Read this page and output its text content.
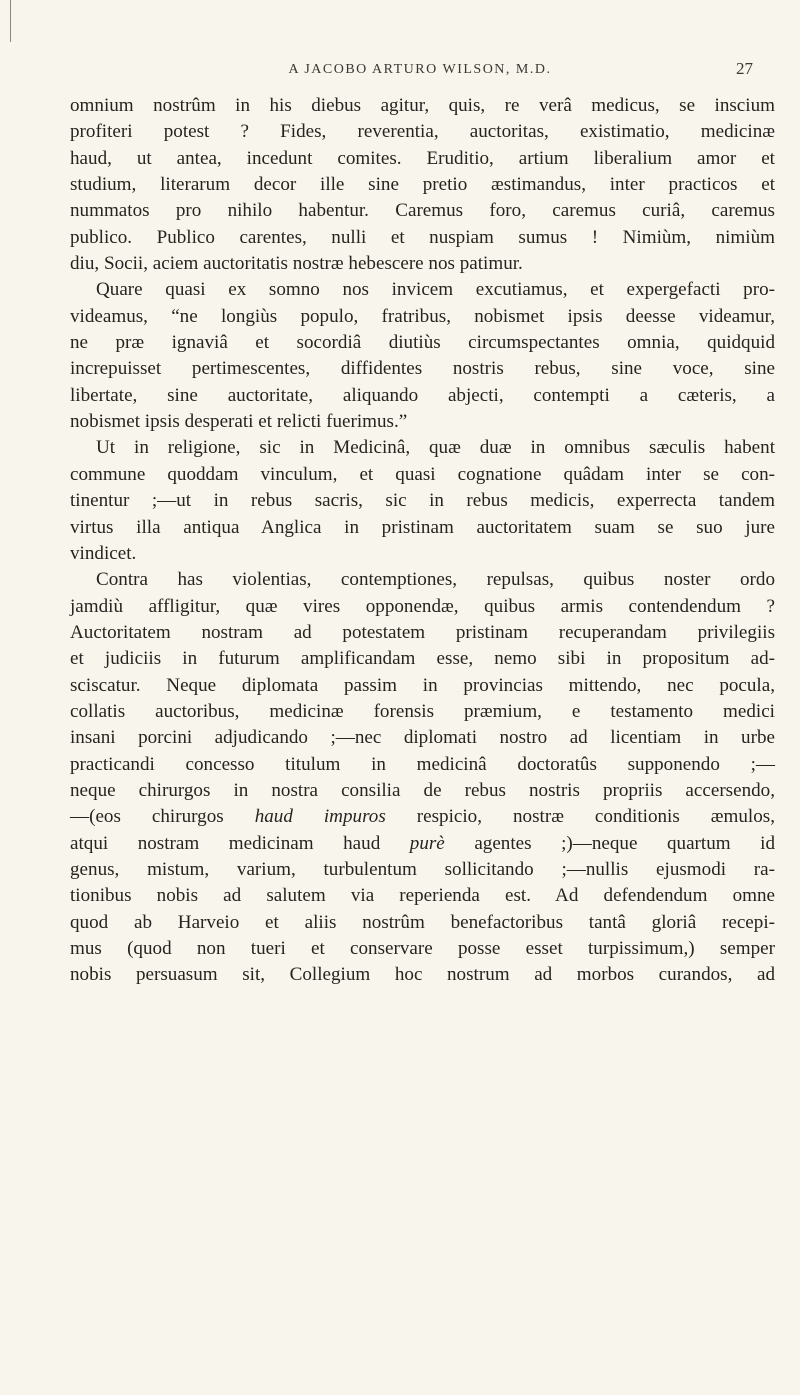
A JACOBO ARTURO WILSON, M.D.	27
omnium nostrûm in his diebus agitur, quis, re verâ medicus, se inscium
profiteri potest ? Fides, reverentia, auctoritas, existimatio, medicinæ
haud, ut antea, incedunt comites. Eruditio, artium liberalium amor et
studium, literarum decor ille sine pretio æstimandus, inter practicos et
nummatos pro nihilo habentur. Caremus foro, caremus curiâ, caremus
publico. Publico carentes, nulli et nuspiam sumus ! Nimiùm, nimiùm
diu, Socii, aciem auctoritatis nostræ hebescere nos patimur.
Quare quasi ex somno nos invicem excutiamus, et expergefacti pro-
videamus, “ne longiùs populo, fratribus, nobismet ipsis deesse videamur,
ne præ ignaviâ et socordiâ diutiùs circumspectantes omnia, quidquid
increpuisset pertimescentes, diffidentes nostris rebus, sine voce, sine
libertate, sine auctoritate, aliquando abjecti, contempti a cæteris, a
nobismet ipsis desperati et relicti fuerimus.”
Ut in religione, sic in Medicinâ, quæ duæ in omnibus sæculis habent
commune quoddam vinculum, et quasi cognatione quâdam inter se con-
tinentur ;—ut in rebus sacris, sic in rebus medicis, experrecta tandem
virtus illa antiqua Anglica in pristinam auctoritatem suam se suo jure
vindicet.
Contra has violentias, contemptiones, repulsas, quibus noster ordo
jamdiù affligitur, quæ vires opponendæ, quibus armis contendendum ?
Auctoritatem nostram ad potestatem pristinam recuperandam privilegiis
et judiciis in futurum amplificandam esse, nemo sibi in propositum ad-
sciscatur. Neque diplomata passim in provincias mittendo, nec pocula,
collatis auctoribus, medicinæ forensis præmium, e testamento medici
insani porcini adjudicando ;—nec diplomati nostro ad licentiam in urbe
practicandi concesso titulum in medicinâ doctoratûs supponendo ;—
neque chirurgos in nostra consilia de rebus nostris propriis accersendo,
—(eos chirurgos haud impuros respicio, nostræ conditionis æmulos,
atqui nostram medicinam haud purè agentes ;)—neque quartum id
genus, mistum, varium, turbulentum sollicitando ;—nullis ejusmodi ra-
tionibus nobis ad salutem via reperienda est. Ad defendendum omne
quod ab Harveio et aliis nostrûm benefactoribus tantâ gloriâ recepi-
mus (quod non tueri et conservare posse esset turpissimum,) semper
nobis persuasum sit, Collegium hoc nostrum ad morbos curandos, ad
